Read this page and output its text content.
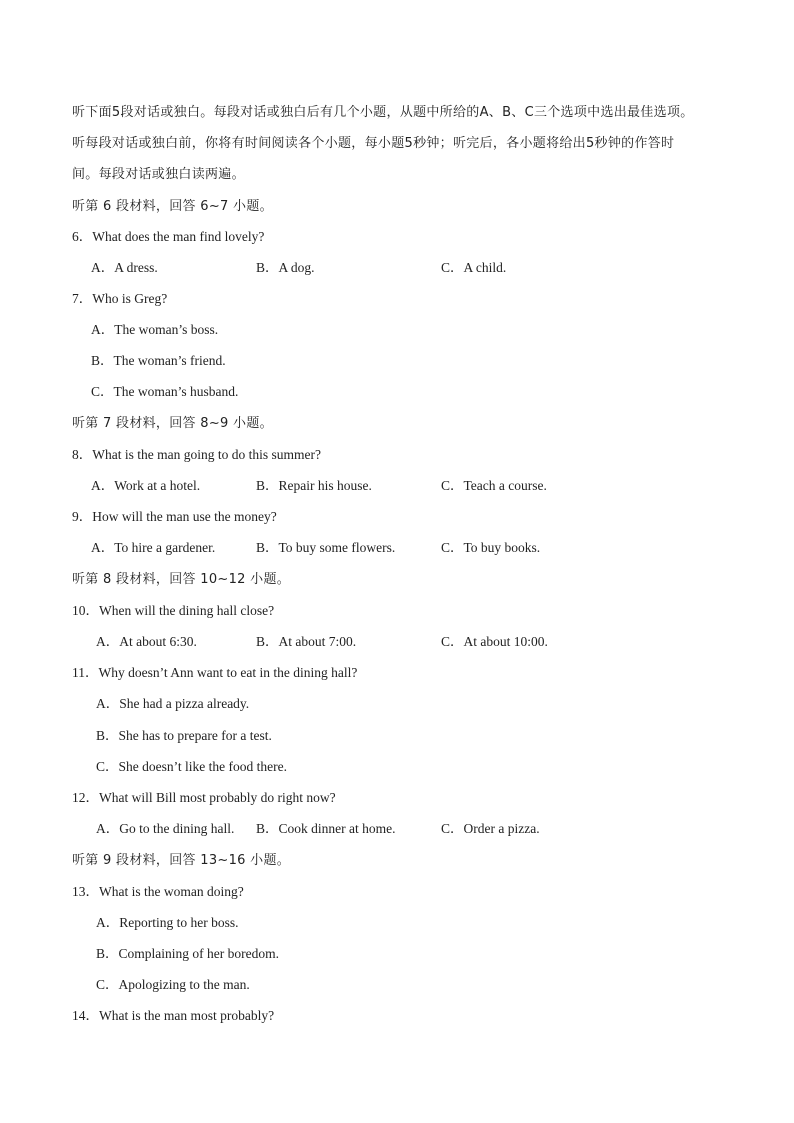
听下面5段对话或独白。每段对话或独白后有几个小题，从题中所给的A、B、C三个选项中选出最佳选项。
听每段对话或独白前，你将有时间阅读各个小题，每小题5秒钟；听完后，各小题将给出5秒钟的作答时
间。每段对话或独白读两遍。
听第 6 段材料，回答 6~7 小题。
6．What does the man find lovely?
A．A dress.	B．A dog.	C．A child.
7．Who is Greg?
A．The woman’s boss.
B．The woman’s friend.
C．The woman’s husband.
听第 7 段材料，回答 8~9 小题。
8．What is the man going to do this summer?
A．Work at a hotel.	B．Repair his house.	C．Teach a course.
9．How will the man use the money?
A．To hire a gardener.	B．To buy some flowers.	C．To buy books.
听第 8 段材料，回答 10~12 小题。
10．When will the dining hall close?
A．At about 6:30.	B．At about 7:00.	C．At about 10:00.
11．Why doesn’t Ann want to eat in the dining hall?
A．She had a pizza already.
B．She has to prepare for a test.
C．She doesn’t like the food there.
12．What will Bill most probably do right now?
A．Go to the dining hall. B．Cook dinner at home.	C．Order a pizza.
听第 9 段材料，回答 13~16 小题。
13．What is the woman doing?
A．Reporting to her boss.
B．Complaining of her boredom.
C．Apologizing to the man.
14．What is the man most probably?
